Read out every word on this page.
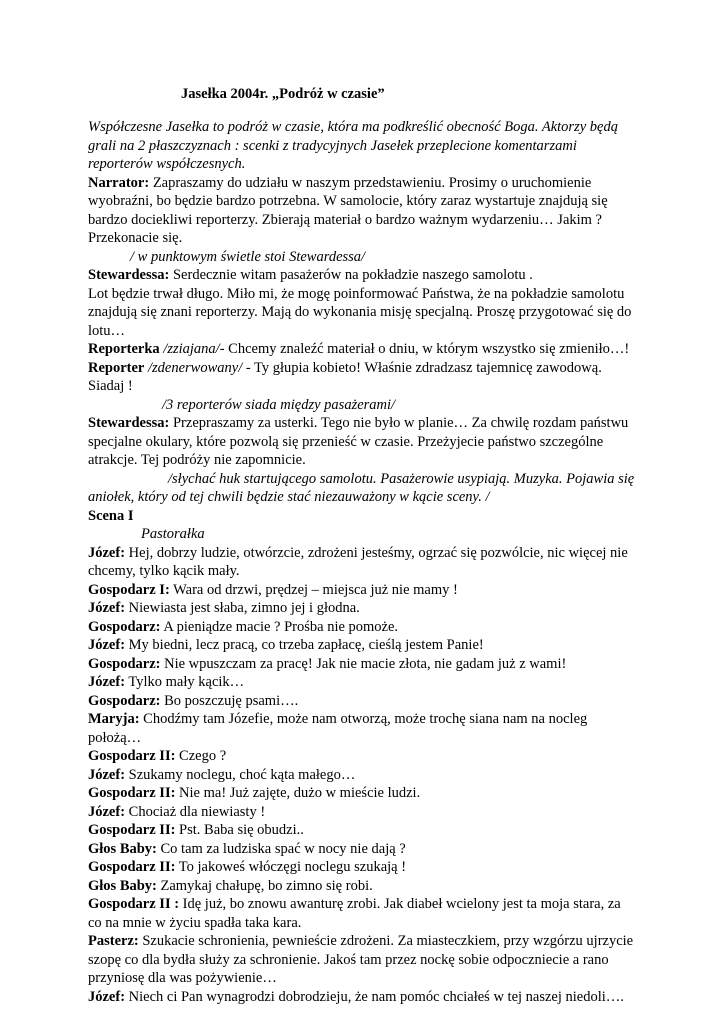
Jasełka 2004r. „Podróż w czasie”
Współczesne Jasełka to podróż w czasie, która ma podkreślić obecność Boga. Aktorzy będą
grali na 2 płaszczyznach : scenki z tradycyjnych Jasełek przeplecione komentarzami
reporterów współczesnych.
Narrator: Zapraszamy do udziału w naszym przedstawieniu. Prosimy o uruchomienie
wyobraźni, bo będzie bardzo potrzebna. W samolocie, który zaraz wystartuje znajdują się
bardzo dociekliwi reporterzy. Zbierają materiał o bardzo ważnym wydarzeniu… Jakim ?
Przekonacie się.
/ w punktowym świetle stoi Stewardessa/
Stewardessa: Serdecznie witam pasażerów na pokładzie naszego samolotu .
Lot będzie trwał długo. Miło mi, że mogę poinformować Państwa, że na pokładzie samolotu
znajdują się znani reporterzy. Mają do wykonania misję specjalną. Proszę przygotować się do
lotu…
Reporterka /zziajana/- Chcemy znaleźć materiał o dniu, w którym wszystko się zmieniło…!
Reporter /zdenerwowany/ - Ty głupia kobieto! Właśnie zdradzasz tajemnicę zawodową.
Siadaj !
/3 reporterów siada między pasażerami/
Stewardessa: Przepraszamy za usterki. Tego nie było w planie… Za chwilę rozdam państwu
specjalne okulary, które pozwolą się przenieść w czasie. Przeżyjecie państwo szczególne
atrakcje. Tej podróży nie zapomnicie.
/słychać huk startującego samolotu. Pasażerowie usypiają. Muzyka. Pojawia się
aniołek, który od tej chwili będzie stać niezauważony w kącie sceny. /
Scena I
Pastorałka
Józef: Hej, dobrzy ludzie, otwórzcie, zdrożeni jesteśmy, ogrzać się pozwólcie, nic więcej nie
chcemy, tylko kącik mały.
Gospodarz I: Wara od drzwi, prędzej – miejsca już nie mamy !
Józef: Niewiasta jest słaba, zimno jej i głodna.
Gospodarz: A pieniądze macie ? Prośba nie pomoże.
Józef: My biedni, lecz pracą, co trzeba zapłacę, cieślą jestem Panie!
Gospodarz: Nie wpuszczam za pracę! Jak nie macie złota, nie gadam już z wami!
Józef: Tylko mały kącik…
Gospodarz: Bo poszczuję psami….
Maryja: Chodźmy tam Józefie, może nam otworzą, może trochę siana nam na nocleg
położą…
Gospodarz II: Czego ?
Józef: Szukamy noclegu, choć kąta małego…
Gospodarz II: Nie ma! Już zajęte, dużo w mieście ludzi.
Józef: Chociaż dla niewiasty !
Gospodarz II: Pst. Baba się obudzi..
Głos Baby: Co tam za ludziska spać w nocy nie dają ?
Gospodarz II: To jakoweś włóczęgi noclegu szukają !
Głos Baby: Zamykaj chałupę, bo zimno się robi.
Gospodarz II : Idę już, bo znowu awanturę zrobi. Jak diabeł wcielony jest ta moja stara, za
co na mnie w życiu spadła taka kara.
Pasterz: Szukacie schronienia, pewnieście zdrożeni. Za miasteczkiem, przy wzgórzu ujrzycie
szopę co dla bydła służy za schronienie. Jakoś tam przez nockę sobie odpoczniecie a rano
przyniosę dla was pożywienie…
Józef: Niech ci Pan wynagrodzi dobrodzieju, że nam pomóc chciałeś w tej naszej niedoli….
